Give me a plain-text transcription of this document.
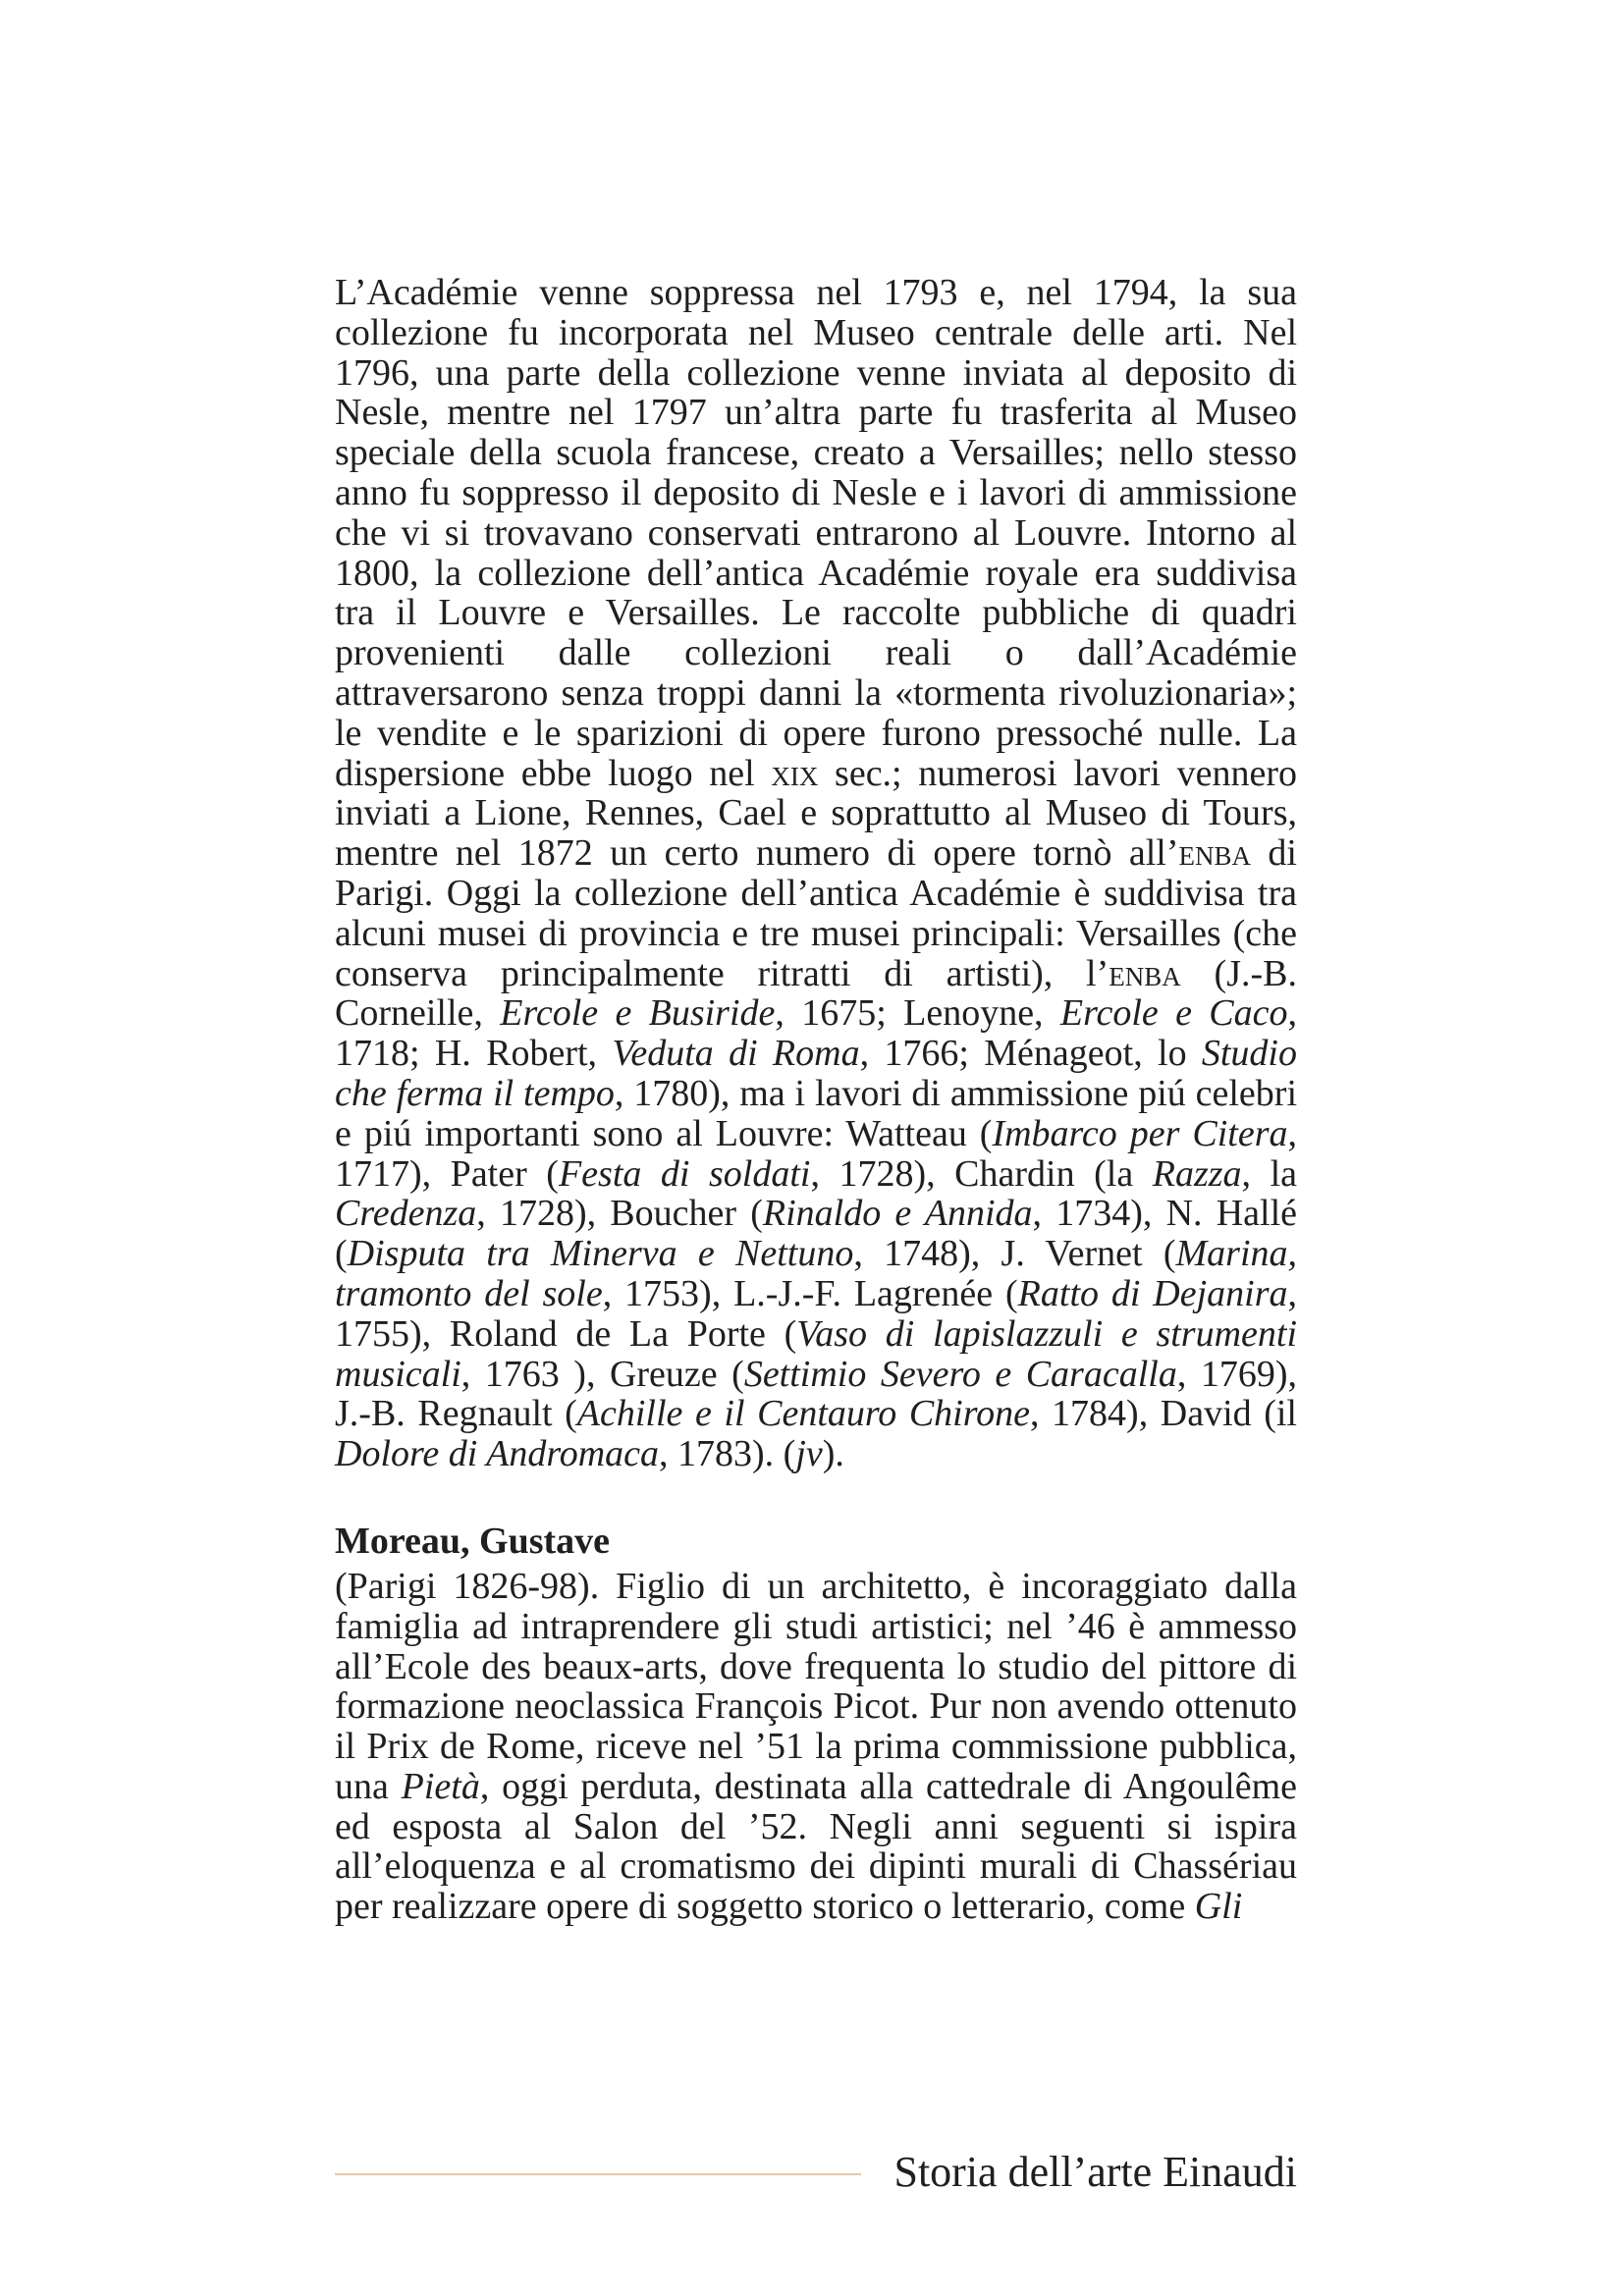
L’Académie venne soppressa nel 1793 e, nel 1794, la sua collezione fu incorporata nel Museo centrale delle arti. Nel 1796, una parte della collezione venne inviata al deposito di Nesle, mentre nel 1797 un’altra parte fu trasferita al Museo speciale della scuola francese, creato a Versailles; nello stesso anno fu soppresso il deposito di Nesle e i lavori di ammissione che vi si trovavano conservati entrarono al Louvre. Intorno al 1800, la collezione dell’antica Académie royale era suddivisa tra il Louvre e Versailles. Le raccolte pubbliche di quadri provenienti dalle collezioni reali o dall’Académie attraversarono senza troppi danni la «tormenta rivoluzionaria»; le vendite e le sparizioni di opere furono pressoché nulle. La dispersione ebbe luogo nel xix sec.; numerosi lavori vennero inviati a Lione, Rennes, Cael e soprattutto al Museo di Tours, mentre nel 1872 un certo numero di opere tornò all’enba di Parigi. Oggi la collezione dell’antica Académie è suddivisa tra alcuni musei di provincia e tre musei principali: Versailles (che conserva principalmente ritratti di artisti), l’enba (J.-B. Corneille, Ercole e Busiride, 1675; Lenoyne, Ercole e Caco, 1718; H. Robert, Veduta di Roma, 1766; Ménageot, lo Studio che ferma il tempo, 1780), ma i lavori di ammissione piú celebri e piú importanti sono al Louvre: Watteau (Imbarco per Citera, 1717), Pater (Festa di soldati, 1728), Chardin (la Razza, la Credenza, 1728), Boucher (Rinaldo e Annida, 1734), N. Hallé (Disputa tra Minerva e Nettuno, 1748), J. Vernet (Marina, tramonto del sole, 1753), L.-J.-F. Lagrenée (Ratto di Dejanira, 1755), Roland de La Porte (Vaso di lapislazzuli e strumenti musicali, 1763 ), Greuze (Settimio Severo e Caracalla, 1769), J.-B. Regnault (Achille e il Centauro Chirone, 1784), David (il Dolore di Andromaca, 1783). (jv).

Moreau, Gustave

(Parigi 1826-98). Figlio di un architetto, è incoraggiato dalla famiglia ad intraprendere gli studi artistici; nel ’46 è ammesso all’Ecole des beaux-arts, dove frequenta lo studio del pittore di formazione neoclassica François Picot. Pur non avendo ottenuto il Prix de Rome, riceve nel ’51 la prima commissione pubblica, una Pietà, oggi perduta, destinata alla cattedrale di Angoulême ed esposta al Salon del ’52. Negli anni seguenti si ispira all’eloquenza e al cromatismo dei dipinti murali di Chassériau per realizzare opere di soggetto storico o letterario, come Gli

Storia dell’arte Einaudi
